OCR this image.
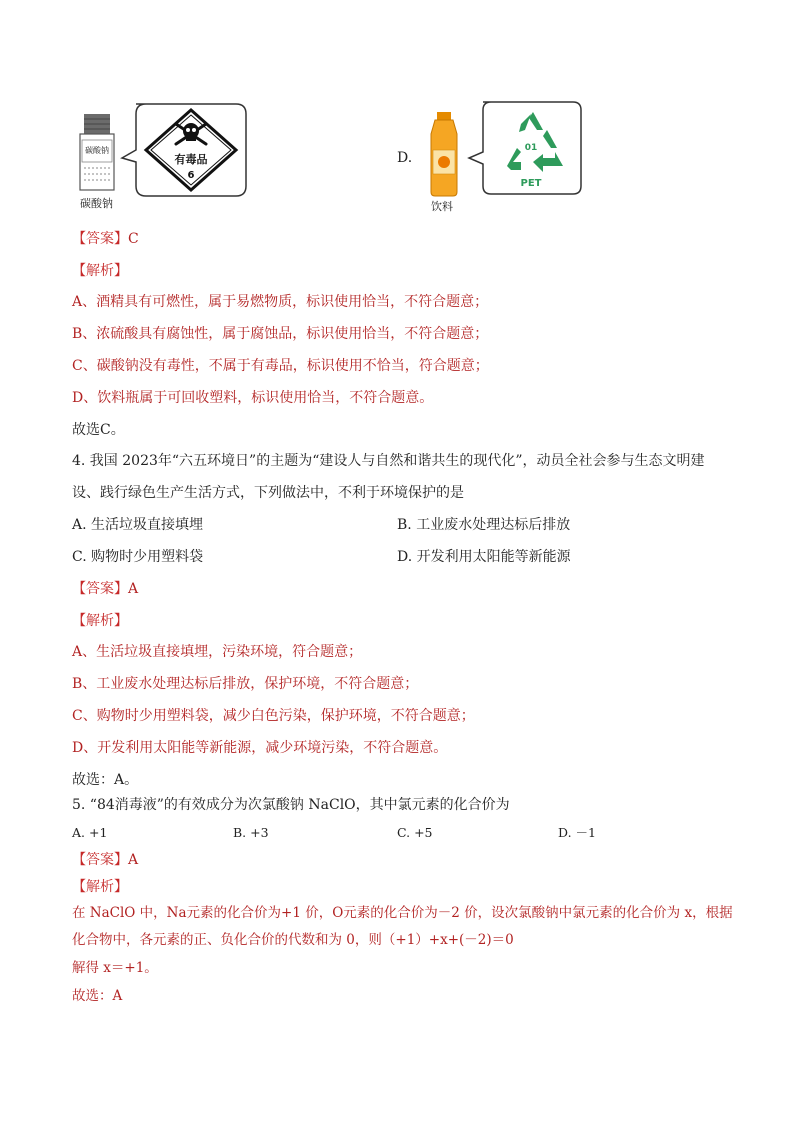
有毒品
6
碳酸钠
碳酸钠
D.
01
PET
饮料
【答案】C
【解析】
A、酒精具有可燃性，属于易燃物质，标识使用恰当，不符合题意；
B、浓硫酸具有腐蚀性，属于腐蚀品，标识使用恰当，不符合题意；
C、碳酸钠没有毒性，不属于有毒品，标识使用不恰当，符合题意；
D、饮料瓶属于可回收塑料，标识使用恰当，不符合题意。
故选C。
4. 我国 2023年“六五环境日”的主题为“建设人与自然和谐共生的现代化”，动员全社会参与生态文明建
设、践行绿色生产生活方式，下列做法中，不利于环境保护的是
A. 生活垃圾直接填埋	B. 工业废水处理达标后排放
C. 购物时少用塑料袋	D. 开发利用太阳能等新能源
【答案】A
【解析】
A、生活垃圾直接填埋，污染环境，符合题意；
B、工业废水处理达标后排放，保护环境，不符合题意；
C、购物时少用塑料袋，减少白色污染，保护环境，不符合题意；
D、开发利用太阳能等新能源，减少环境污染，不符合题意。
故选：A。
5. “84消毒液”的有效成分为次氯酸钠 NaClO，其中氯元素的化合价为
A. +1	B. +3	C. +5	D. －1
【答案】A
【解析】
在 NaClO 中，Na元素的化合价为+1 价，O元素的化合价为－2 价，设次氯酸钠中氯元素的化合价为 x，根据
化合物中，各元素的正、负化合价的代数和为 0，则（+1）+x+(－2)＝0
解得 x＝+1。
故选：A
